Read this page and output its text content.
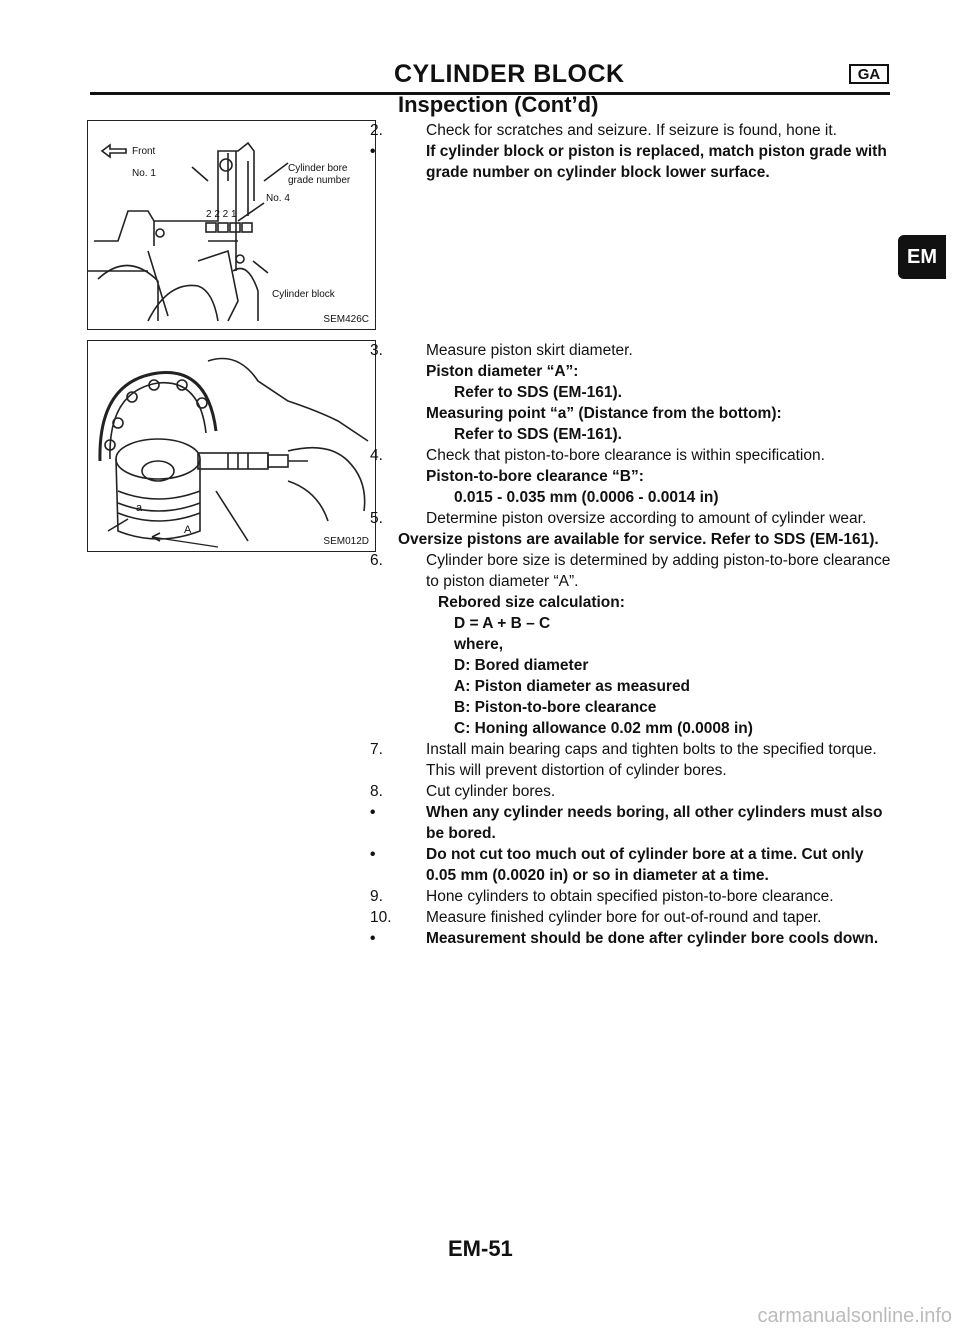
CYLINDER BLOCK	GA
Inspection (Cont’d)
EM
Front
No. 1	Cylinder bore
grade number
No. 4
2 2 2 1
Cylinder block
SEM426C
a
A
SEM012D

2.	Check for scratches and seizure. If seizure is found, hone it.

•	If cylinder block or piston is replaced, match piston grade with grade number on cylinder block lower surface.

3.	Measure piston skirt diameter.

Piston diameter “A”:

Refer to SDS (EM-161).

Measuring point “a” (Distance from the bottom):

Refer to SDS (EM-161).

4.	Check that piston-to-bore clearance is within specification.

Piston-to-bore clearance “B”:

0.015 - 0.035 mm (0.0006 - 0.0014 in)

5.	Determine piston oversize according to amount of cylinder wear.

Oversize pistons are available for service. Refer to SDS (EM-161).

6.	Cylinder bore size is determined by adding piston-to-bore clearance to piston diameter “A”.

Rebored size calculation:

D = A + B – C

where,

D: Bored diameter

A: Piston diameter as measured

B: Piston-to-bore clearance

C: Honing allowance 0.02 mm (0.0008 in)

7.	Install main bearing caps and tighten bolts to the specified torque. This will prevent distortion of cylinder bores.

8.	Cut cylinder bores.

•	When any cylinder needs boring, all other cylinders must also be bored.

•	Do not cut too much out of cylinder bore at a time. Cut only 0.05 mm (0.0020 in) or so in diameter at a time.

9.	Hone cylinders to obtain specified piston-to-bore clearance.

10. Measure finished cylinder bore for out-of-round and taper.

•	Measurement should be done after cylinder bore cools down.

EM-51
carmanualsonline.info
